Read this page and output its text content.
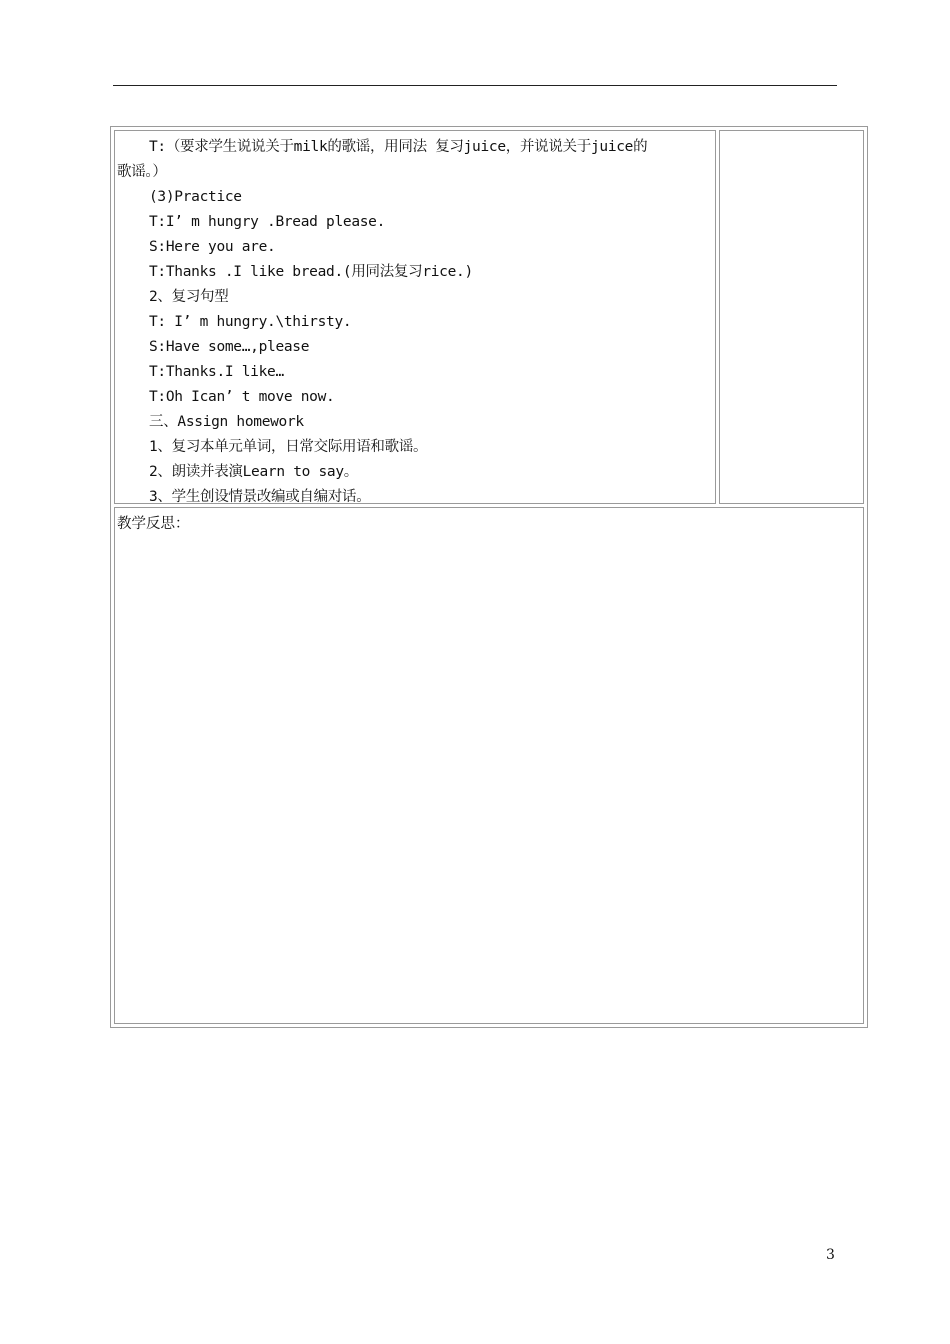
T:（要求学生说说关于milk的歌谣，用同法 复习juice，并说说关于juice的
歌谣。）
(3)Practice
T:I’ m hungry .Bread please.
S:Here you are.
T:Thanks .I like bread.(用同法复习rice.)
2、复习句型
T: I’ m hungry.\thirsty.
S:Have some…,please
T:Thanks.I like…
T:Oh Ican’ t move now.
三、Assign homework
1、复习本单元单词，日常交际用语和歌谣。
2、朗读并表演Learn to say。
3、学生创设情景改编或自编对话。
教学反思：
3
